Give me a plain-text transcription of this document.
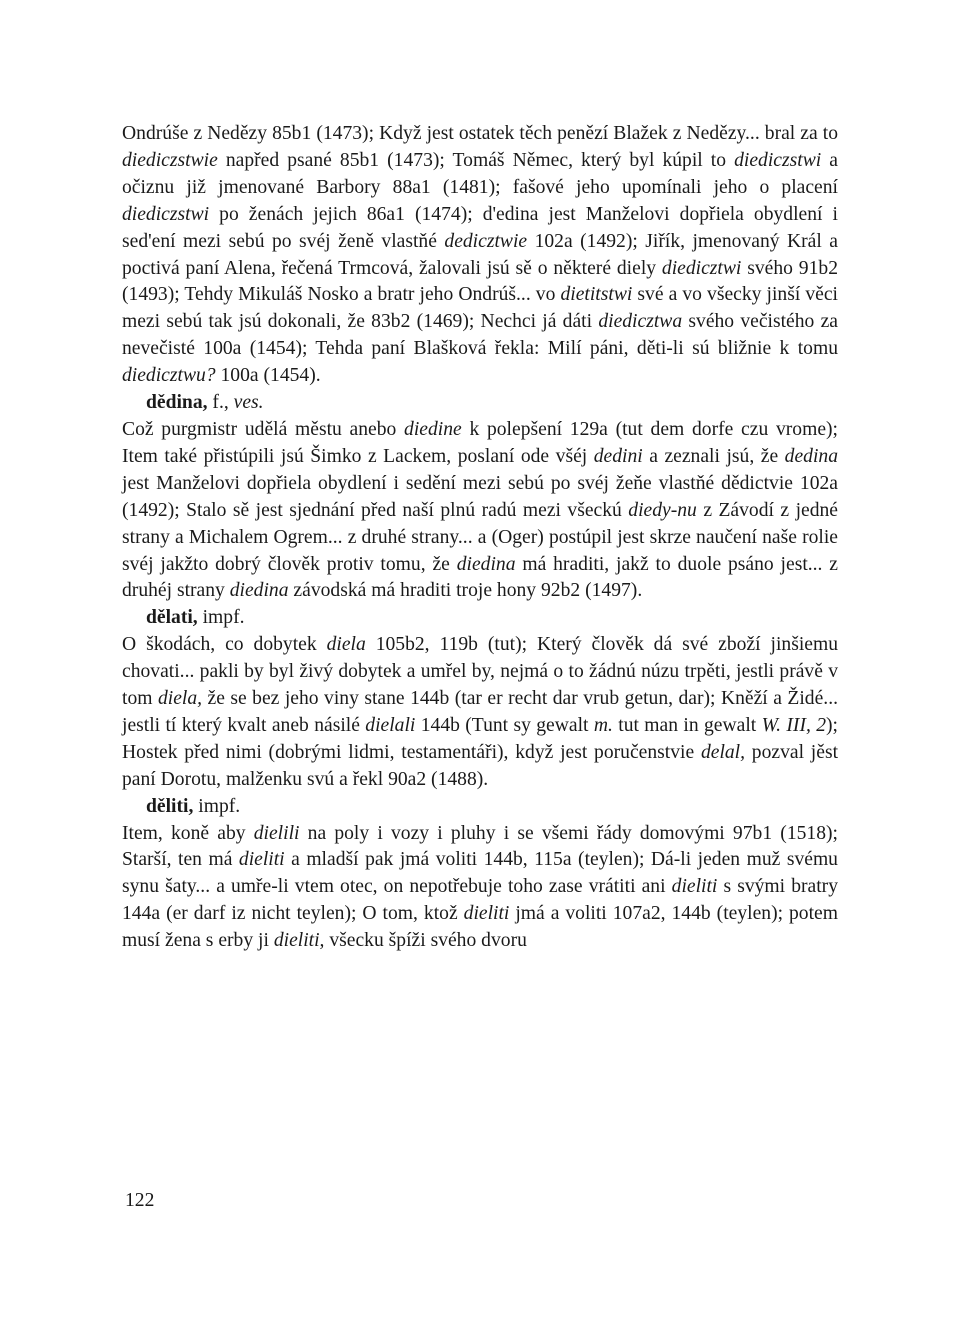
Ondrúše z Nedězy 85b1 (1473); Když jest ostatek těch penězí Blažek z Nedězy... bral za to diediczstwie napřed psané 85b1 (1473); Tomáš Němec, který byl kúpil to diediczstwi a očiznu již jmenované Barbory 88a1 (1481); fašové jeho upomínali jeho o placení diediczstwi po ženách jejich 86a1 (1474); d'edina jest Manželovi dopřiela obydlení i sed'ení mezi sebú po svéj ženě vlastňé dedicztwie 102a (1492); Jiřík, jmenovaný Král a poctivá paní Alena, řečená Trmcová, žalovali jsú sě o některé diely diedicztwi svého 91b2 (1493); Tehdy Mikuláš Nosko a bratr jeho Ondrúš... vo dietitstwi své a vo všecky jinší věci mezi sebú tak jsú dokonali, že 83b2 (1469); Nechci já dáti diedicztwa svého večistého za nevečisté 100a (1454); Tehda paní Blašková řekla: Milí páni, děti-li sú bližnie k tomu diedicztwu? 100a (1454).

dědina, f., ves.

Což purgmistr udělá městu anebo diedine k polepšení 129a (tut dem dorfe czu vrome); Item také přistúpili jsú Šimko z Lackem, poslaní ode všéj dedini a zeznali jsú, že dedina jest Manželovi dopřiela obydlení i sedění mezi sebú po svéj žeňe vlastňé dědictvie 102a (1492); Stalo sě jest sjednání před naší plnú radú mezi všeckú diedy-nu z Závodí z jedné strany a Michalem Ogrem... z druhé strany... a (Oger) postúpil jest skrze naučení naše rolie svéj jakžto dobrý člověk protiv tomu, že diedina má hraditi, jakž to duole psáno jest... z druhéj strany diedina závodská má hraditi troje hony 92b2 (1497).

dělati, impf.

O škodách, co dobytek diela 105b2, 119b (tut); Který člověk dá své zboží jinšiemu chovati... pakli by byl živý dobytek a umřel by, nejmá o to žádnú núzu trpěti, jestli právě v tom diela, že se bez jeho viny stane 144b (tar er recht dar vrub getun, dar); Kněží a Židé... jestli tí který kvalt aneb násilé dielali 144b (Tunt sy gewalt m. tut man in gewalt W. III, 2); Hostek před nimi (dobrými lidmi, testamentáři), když jest poručenstvie delal, pozval jěst paní Dorotu, malženku svú a řekl 90a2 (1488).

děliti, impf.

Item, koně aby dielili na poly i vozy i pluhy i se všemi řády domovými 97b1 (1518); Starší, ten má dieliti a mladší pak jmá voliti 144b, 115a (teylen); Dá-li jeden muž svému synu šaty... a umře-li vtem otec, on nepotřebuje toho zase vrátiti ani dieliti s svými bratry 144a (er darf iz nicht teylen); O tom, ktož dieliti jmá a voliti 107a2, 144b (teylen); potem musí žena s erby ji dieliti, všecku špíži svého dvoru

122
